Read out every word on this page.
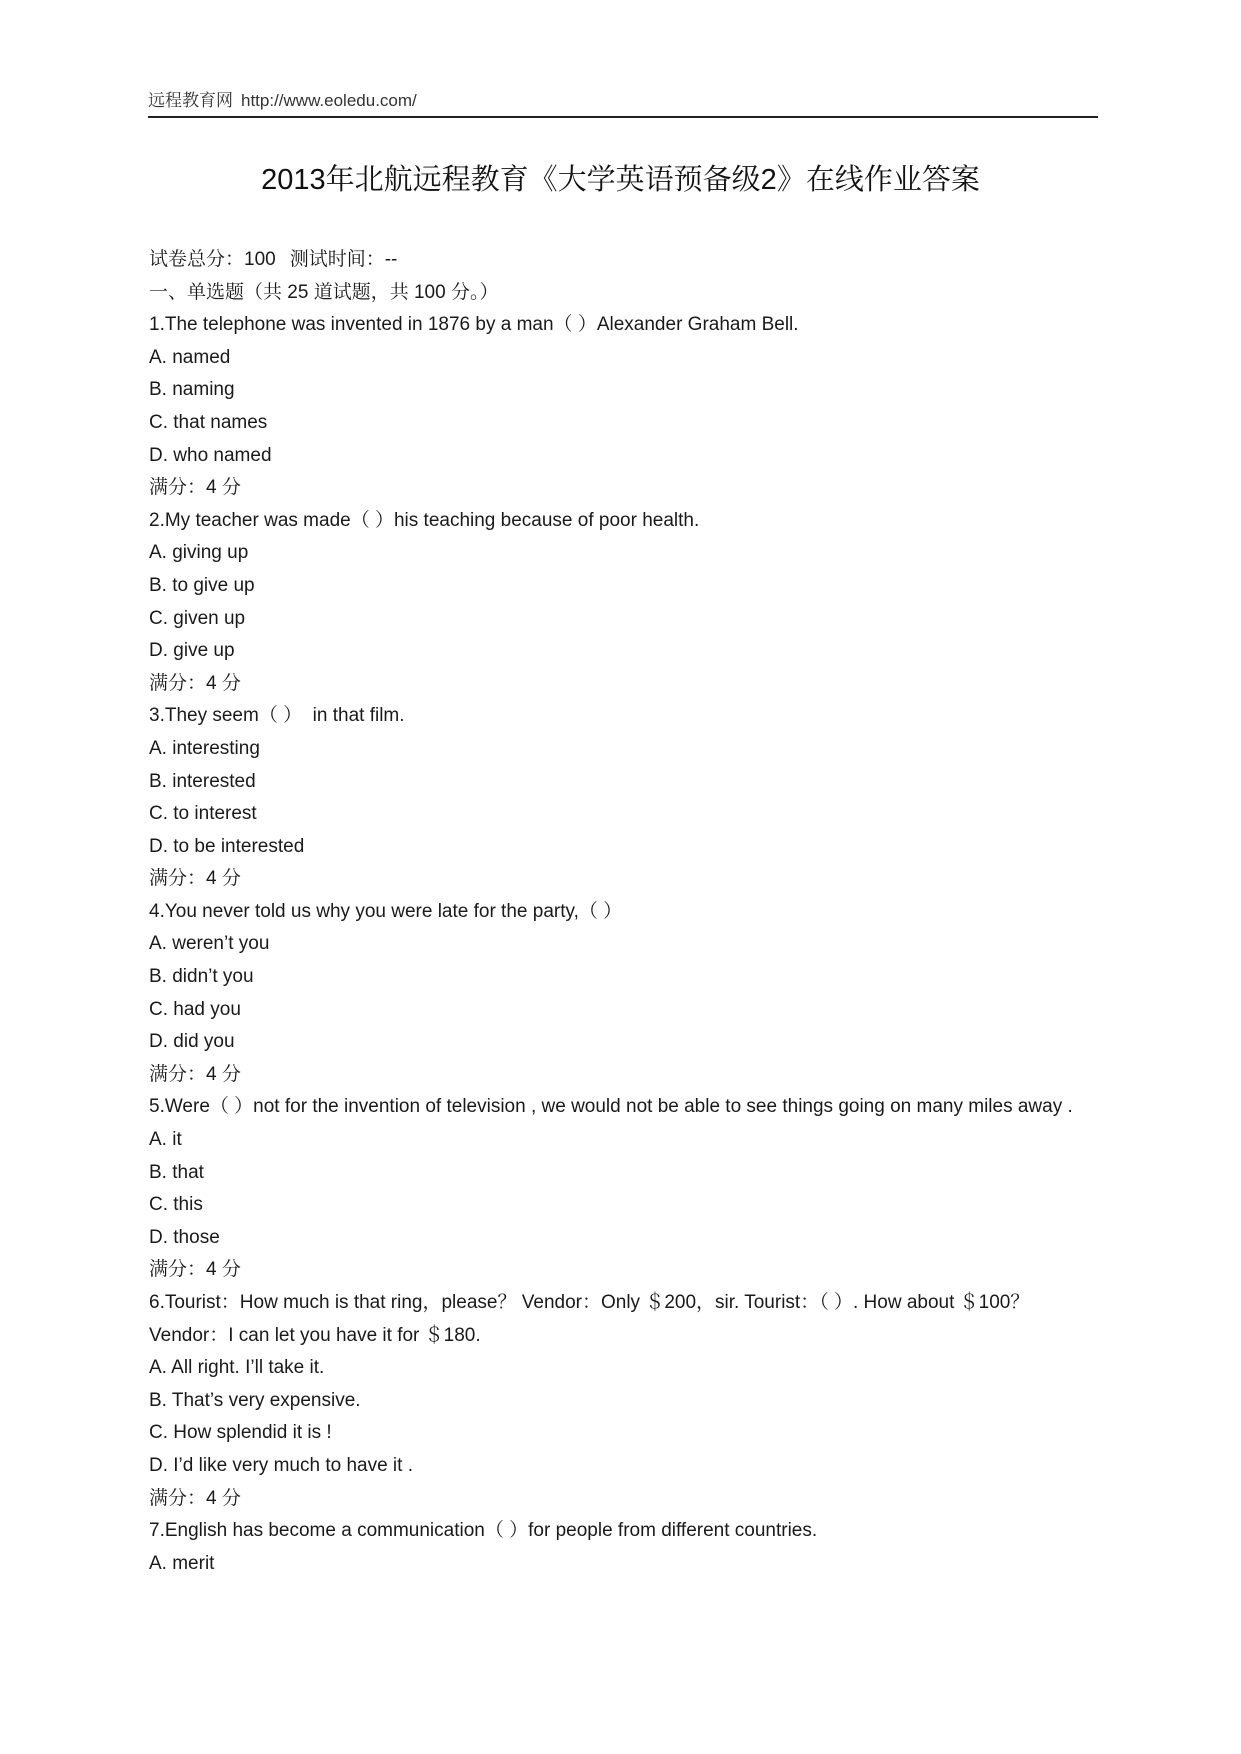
远程教育网 http://www.eoledu.com/
2013年北航远程教育《大学英语预备级2》在线作业答案
试卷总分：100 测试时间：--
一、单选题（共 25 道试题，共 100 分。）
1.The telephone was invented in 1876 by a man（ ）Alexander Graham Bell.
A. named
B. naming
C. that names
D. who named
满分：4 分
2.My teacher was made（ ）his teaching because of poor health.
A. giving up
B. to give up
C. given up
D. give up
满分：4 分
3.They seem（ ）  in that film.
A. interesting
B. interested
C. to interest
D. to be interested
满分：4 分
4.You never told us why you were late for the party,（ ）
A. weren’t you
B. didn’t you
C. had you
D. did you
满分：4 分
5.Were（ ）not for the invention of television , we would not be able to see things going on many miles away .
A. it
B. that
C. this
D. those
满分：4 分
6.Tourist：How much is that ring，please？ Vendor：Only ＄200，sir. Tourist：（ ）. How about ＄100？ Vendor：I can let you have it for ＄180.
A. All right. I’ll take it.
B. That’s very expensive.
C. How splendid it is !
D. I’d like very much to have it .
满分：4 分
7.English has become a communication（ ）for people from different countries.
A. merit
